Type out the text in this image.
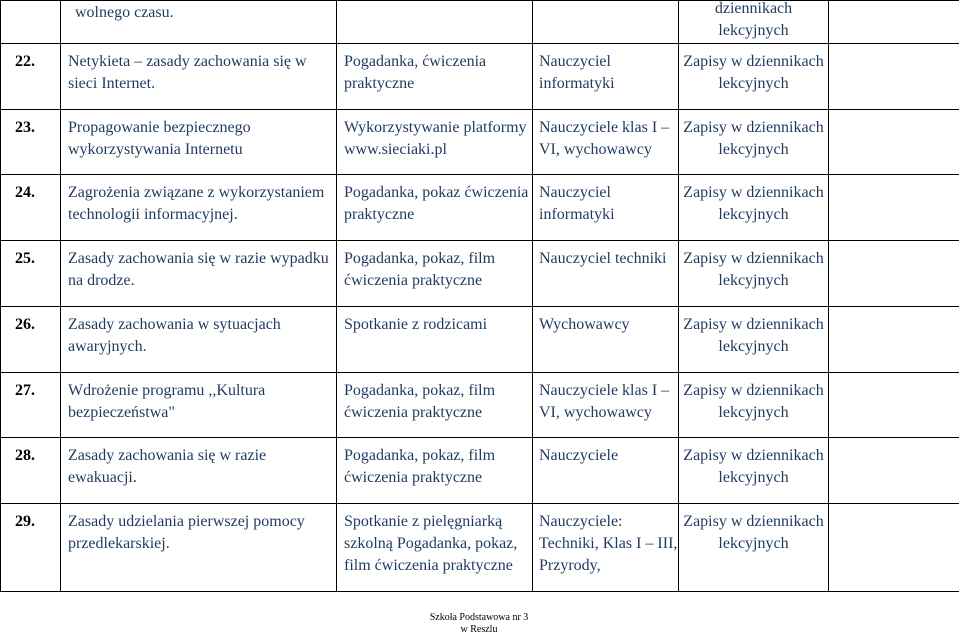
	wolnego czasu.			dziennikach lekcyjnych	

22.	Netykieta – zasady zachowania się w sieci Internet.	Pogadanka, ćwiczenia praktyczne	Nauczyciel informatyki	Zapisy w dziennikach lekcyjnych	

23.	Propagowanie bezpiecznego wykorzystywania Internetu	Wykorzystywanie platformy www.sieciaki.pl	Nauczyciele klas I – VI, wychowawcy	Zapisy w dziennikach lekcyjnych	

24.	Zagrożenia związane z wykorzystaniem technologii informacyjnej.	Pogadanka, pokaz ćwiczenia praktyczne	Nauczyciel informatyki	Zapisy w dziennikach lekcyjnych	

25.	Zasady zachowania się w razie wypadku na drodze.	Pogadanka, pokaz, film ćwiczenia praktyczne	Nauczyciel techniki	Zapisy w dziennikach lekcyjnych	

26.	Zasady zachowania w sytuacjach awaryjnych.	Spotkanie z rodzicami	Wychowawcy	Zapisy w dziennikach lekcyjnych	

27.	Wdrożenie programu ,,Kultura bezpieczeństwa"	Pogadanka, pokaz, film ćwiczenia praktyczne	Nauczyciele klas I – VI, wychowawcy	Zapisy w dziennikach lekcyjnych	

28.	Zasady zachowania się w razie ewakuacji.	Pogadanka, pokaz, film ćwiczenia praktyczne	Nauczyciele	Zapisy w dziennikach lekcyjnych	

29.	Zasady udzielania pierwszej pomocy przedlekarskiej.	Spotkanie z pielęgniarką szkolną Pogadanka, pokaz, film ćwiczenia praktyczne	Nauczyciele: Techniki, Klas I – III, Przyrody,	Zapisy w dziennikach lekcyjnych	

Szkoła Podstawowa nr 3
w Reszlu
